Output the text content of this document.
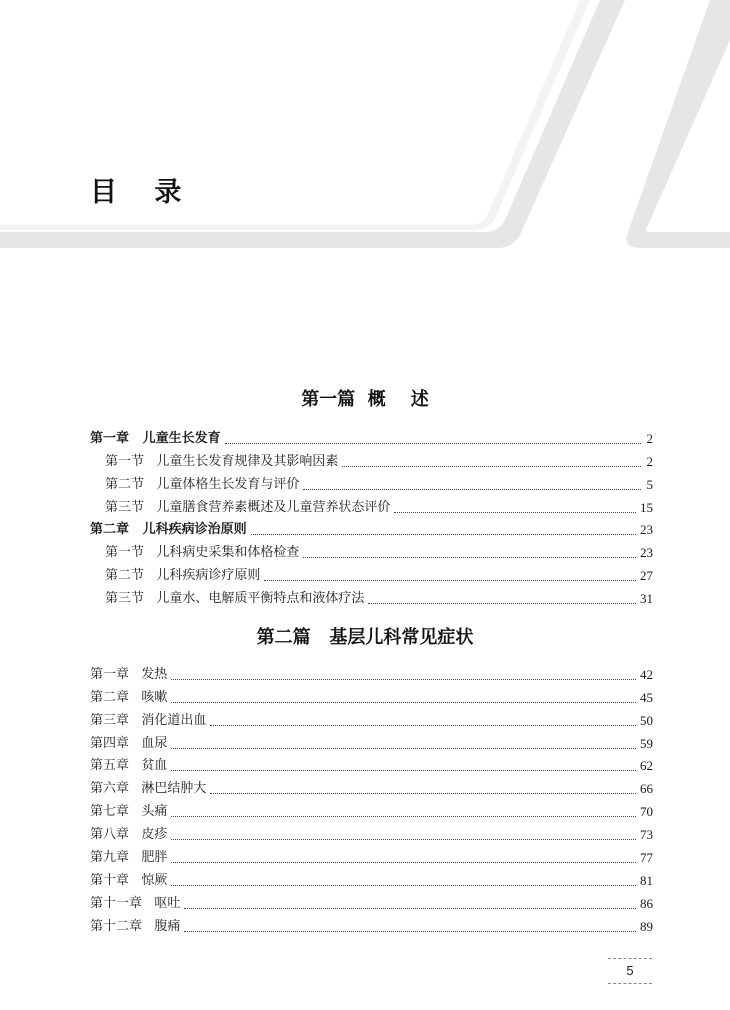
目 录
第一篇  概    述
第一章   儿童生长发育	2
第一节   儿童生长发育规律及其影响因素	2
第二节   儿童体格生长发育与评价	5
第三节   儿童膳食营养素概述及儿童营养状态评价	15
第二章   儿科疾病诊治原则	23
第一节   儿科病史采集和体格检查	23
第二节   儿科疾病诊疗原则	27
第三节   儿童水、电解质平衡特点和液体疗法	31
第二篇   基层儿科常见症状
第一章   发热	42
第二章   咳嗽	45
第三章   消化道出血	50
第四章   血尿	59
第五章   贫血	62
第六章   淋巴结肿大	66
第七章   头痛	70
第八章   皮疹	73
第九章   肥胖	77
第十章   惊厥	81
第十一章   呕吐	86
第十二章   腹痛	89
5
